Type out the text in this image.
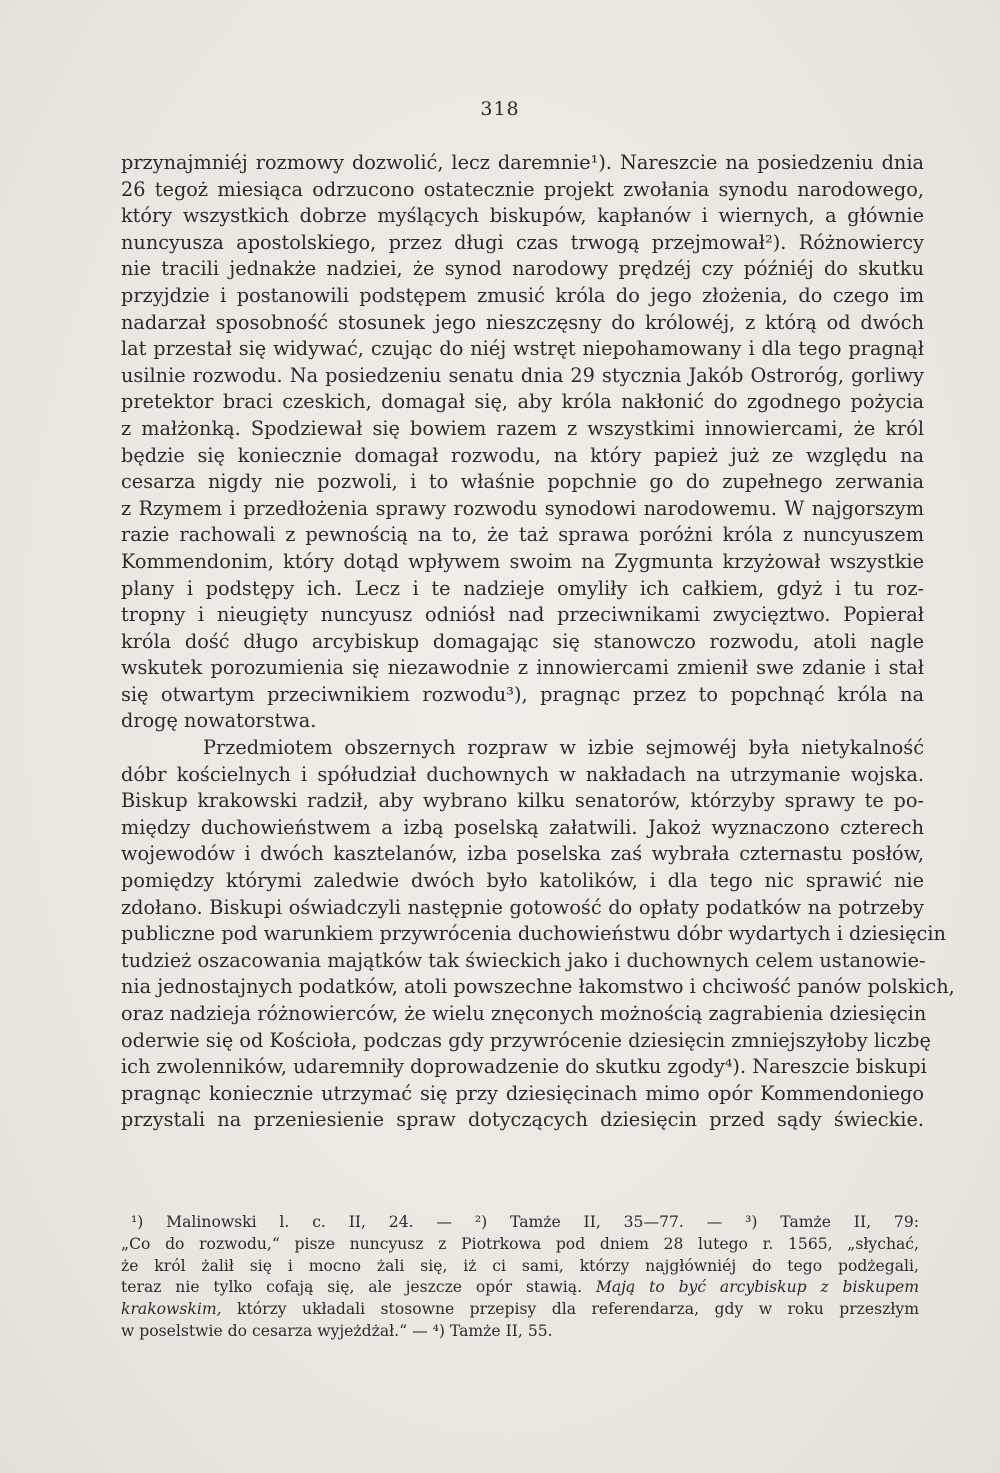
318
przynajmniéj rozmowy dozwolić, lecz daremnie¹). Nareszcie na posiedzeniu dnia
26 tegoż miesiąca odrzucono ostatecznie projekt zwołania synodu narodowego,
który wszystkich dobrze myślących biskupów, kapłanów i wiernych, a głównie
nuncyusza apostolskiego, przez długi czas trwogą przejmował²). Różnowiercy
nie tracili jednakże nadziei, że synod narodowy prędzéj czy późniéj do skutku
przyjdzie i postanowili podstępem zmusić króla do jego złożenia, do czego im
nadarzał sposobność stosunek jego nieszczęsny do królowéj, z którą od dwóch
lat przestał się widywać, czując do niéj wstręt niepohamowany i dla tego pragnął
usilnie rozwodu. Na posiedzeniu senatu dnia 29 stycznia Jakób Ostroróg, gorliwy
pretektor braci czeskich, domagał się, aby króla nakłonić do zgodnego pożycia
z małżonką. Spodziewał się bowiem razem z wszystkimi innowiercami, że król
będzie się koniecznie domagał rozwodu, na który papież już ze względu na
cesarza nigdy nie pozwoli, i to właśnie popchnie go do zupełnego zerwania
z Rzymem i przedłożenia sprawy rozwodu synodowi narodowemu. W najgorszym
razie rachowali z pewnością na to, że taż sprawa poróżni króla z nuncyuszem
Kommendonim, który dotąd wpływem swoim na Zygmunta krzyżował wszystkie
plany i podstępy ich. Lecz i te nadzieje omyliły ich całkiem, gdyż i tu roz-
tropny i nieugięty nuncyusz odniósł nad przeciwnikami zwycięztwo. Popierał
króla dość długo arcybiskup domagając się stanowczo rozwodu, atoli nagle
wskutek porozumienia się niezawodnie z innowiercami zmienił swe zdanie i stał
się otwartym przeciwnikiem rozwodu³), pragnąc przez to popchnąć króla na
drogę nowatorstwa.
Przedmiotem obszernych rozpraw w izbie sejmowéj była nietykalność
dóbr kościelnych i spółudział duchownych w nakładach na utrzymanie wojska.
Biskup krakowski radził, aby wybrano kilku senatorów, którzyby sprawy te po-
między duchowieństwem a izbą poselską załatwili. Jakoż wyznaczono czterech
wojewodów i dwóch kasztelanów, izba poselska zaś wybrała czternastu posłów,
pomiędzy którymi zaledwie dwóch było katolików, i dla tego nic sprawić nie
zdołano. Biskupi oświadczyli następnie gotowość do opłaty podatków na potrzeby
publiczne pod warunkiem przywrócenia duchowieństwu dóbr wydartych i dziesięcin
tudzież oszacowania majątków tak świeckich jako i duchownych celem ustanowie-
nia jednostajnych podatków, atoli powszechne łakomstwo i chciwość panów polskich,
oraz nadzieja różnowierców, że wielu znęconych możnością zagrabienia dziesięcin
oderwie się od Kościoła, podczas gdy przywrócenie dziesięcin zmniejszyłoby liczbę
ich zwolenników, udaremniły doprowadzenie do skutku zgody⁴). Nareszcie biskupi
pragnąc koniecznie utrzymać się przy dziesięcinach mimo opór Kommendoniego
przystali na przeniesienie spraw dotyczących dziesięcin przed sądy świeckie.
¹) Malinowski l. c. II, 24. — ²) Tamże II, 35—77. — ³) Tamże II, 79:
„Co do rozwodu,“ pisze nuncyusz z Piotrkowa pod dniem 28 lutego r. 1565, „słychać,
że król żalił się i mocno żali się, iż ci sami, którzy najgłówniéj do tego podżegali,
teraz nie tylko cofają się, ale jeszcze opór stawią. Mają to być arcybiskup z biskupem
krakowskim, którzy układali stosowne przepisy dla referendarza, gdy w roku przeszłym
w poselstwie do cesarza wyjeżdżał.“ — ⁴) Tamże II, 55.
